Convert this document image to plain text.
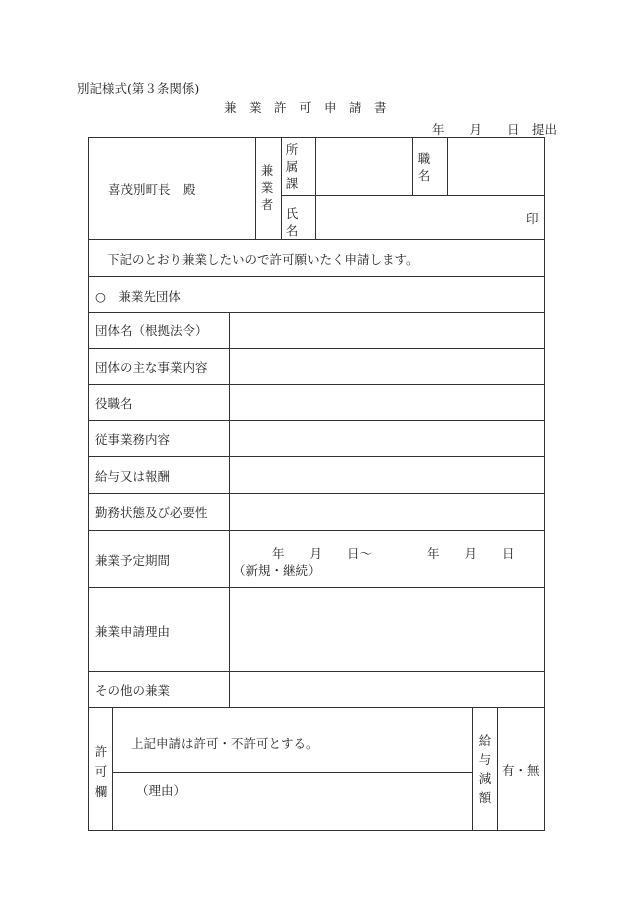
別記様式(第３条関係)
兼　業　許　可　申　請　書
年　　月　　日　提出
喜茂別町長　殿
兼業者
所属課
職名
氏名
印
下記のとおり兼業したいので許可願いたく申請します。
○　兼業先団体
団体名（根拠法令）
団体の主な事業内容
役職名
従事業務内容
給与又は報酬
勤務状態及び必要性
兼業予定期間	年　　月　　日～	年　　月　　日
（新規・継続）
兼業申請理由
その他の兼業
許可欄
上記申請は許可・不許可とする。
（理由）
給与減額
有・無
